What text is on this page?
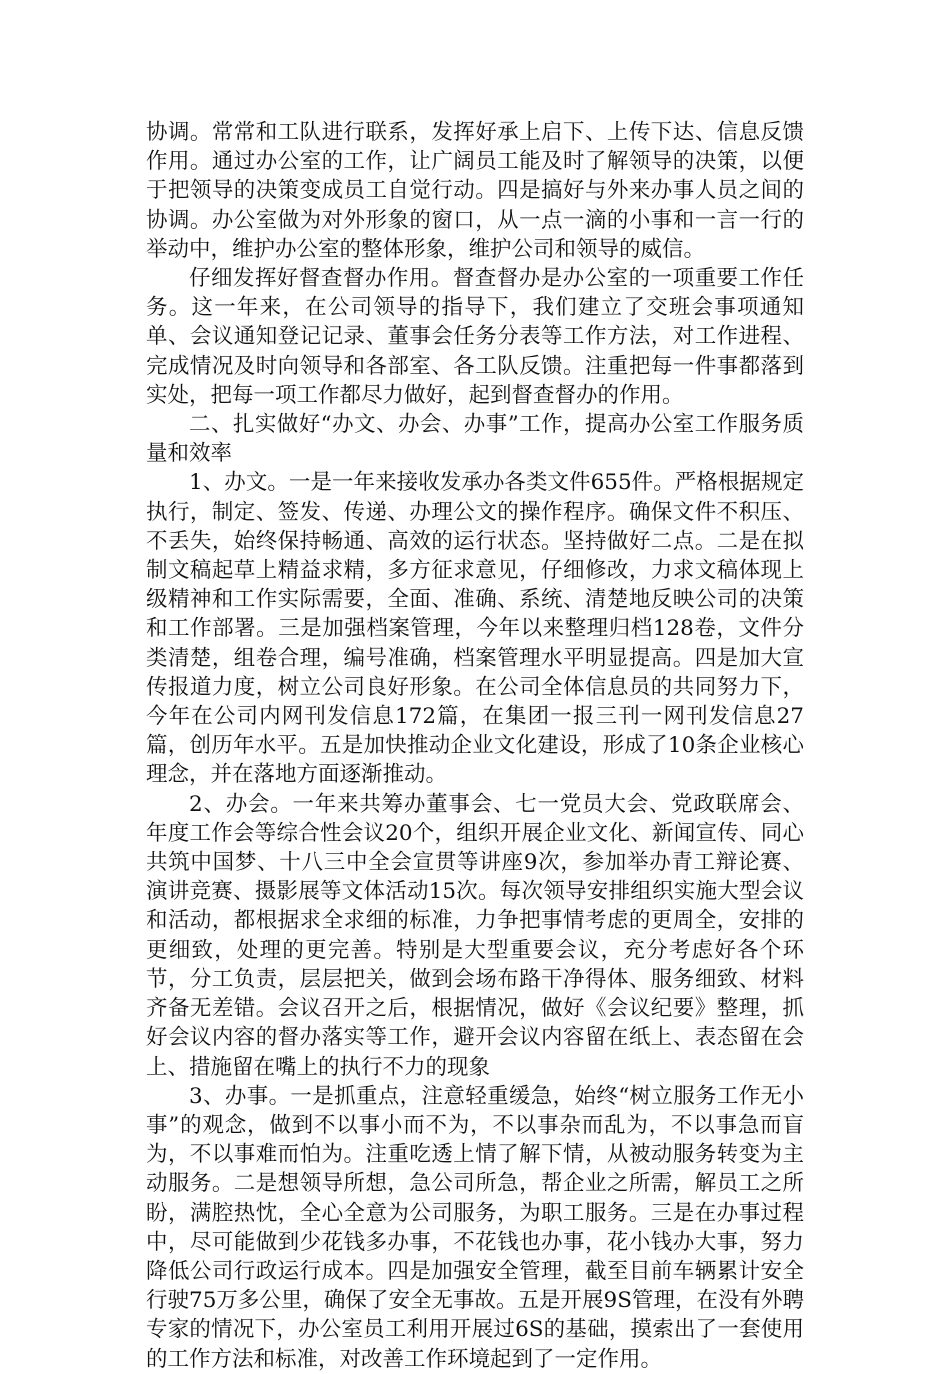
协调。常常和工队进行联系，发挥好承上启下、上传下达、信息反馈作用。通过办公室的工作，让广阔员工能及时了解领导的决策，以便于把领导的决策变成员工自觉行动。四是搞好与外来办事人员之间的协调。办公室做为对外形象的窗口，从一点一滴的小事和一言一行的举动中，维护办公室的整体形象，维护公司和领导的威信。

仔细发挥好督查督办作用。督查督办是办公室的一项重要工作任务。这一年来，在公司领导的指导下，我们建立了交班会事项通知单、会议通知登记记录、董事会任务分表等工作方法，对工作进程、完成情况及时向领导和各部室、各工队反馈。注重把每一件事都落到实处，把每一项工作都尽力做好，起到督查督办的作用。

二、扎实做好“办文、办会、办事”工作，提高办公室工作服务质量和效率

1、办文。一是一年来接收发承办各类文件655件。严格根据规定执行，制定、签发、传递、办理公文的操作程序。确保文件不积压、不丢失，始终保持畅通、高效的运行状态。坚持做好二点。二是在拟制文稿起草上精益求精，多方征求意见，仔细修改，力求文稿体现上级精神和工作实际需要，全面、准确、系统、清楚地反映公司的决策和工作部署。三是加强档案管理，今年以来整理归档128卷，文件分类清楚，组卷合理，编号准确，档案管理水平明显提高。四是加大宣传报道力度，树立公司良好形象。在公司全体信息员的共同努力下，今年在公司内网刊发信息172篇，在集团一报三刊一网刊发信息27篇，创历年水平。五是加快推动企业文化建设，形成了10条企业核心理念，并在落地方面逐渐推动。

2、办会。一年来共筹办董事会、七一党员大会、党政联席会、年度工作会等综合性会议20个，组织开展企业文化、新闻宣传、同心共筑中国梦、十八三中全会宣贯等讲座9次，参加举办青工辩论赛、演讲竞赛、摄影展等文体活动15次。每次领导安排组织实施大型会议和活动，都根据求全求细的标准，力争把事情考虑的更周全，安排的更细致，处理的更完善。特别是大型重要会议，充分考虑好各个环节，分工负责，层层把关，做到会场布路干净得体、服务细致、材料齐备无差错。会议召开之后，根据情况，做好《会议纪要》整理，抓好会议内容的督办落实等工作，避开会议内容留在纸上、表态留在会上、措施留在嘴上的执行不力的现象

3、办事。一是抓重点，注意轻重缓急，始终“树立服务工作无小事”的观念，做到不以事小而不为，不以事杂而乱为，不以事急而盲为，不以事难而怕为。注重吃透上情了解下情，从被动服务转变为主动服务。二是想领导所想，急公司所急，帮企业之所需，解员工之所盼，满腔热忱，全心全意为公司服务，为职工服务。三是在办事过程中，尽可能做到少花钱多办事，不花钱也办事，花小钱办大事，努力降低公司行政运行成本。四是加强安全管理，截至目前车辆累计安全行驶75万多公里，确保了安全无事故。五是开展9S管理，在没有外聘专家的情况下，办公室员工利用开展过6S的基础，摸索出了一套使用的工作方法和标准，对改善工作环境起到了一定作用。
